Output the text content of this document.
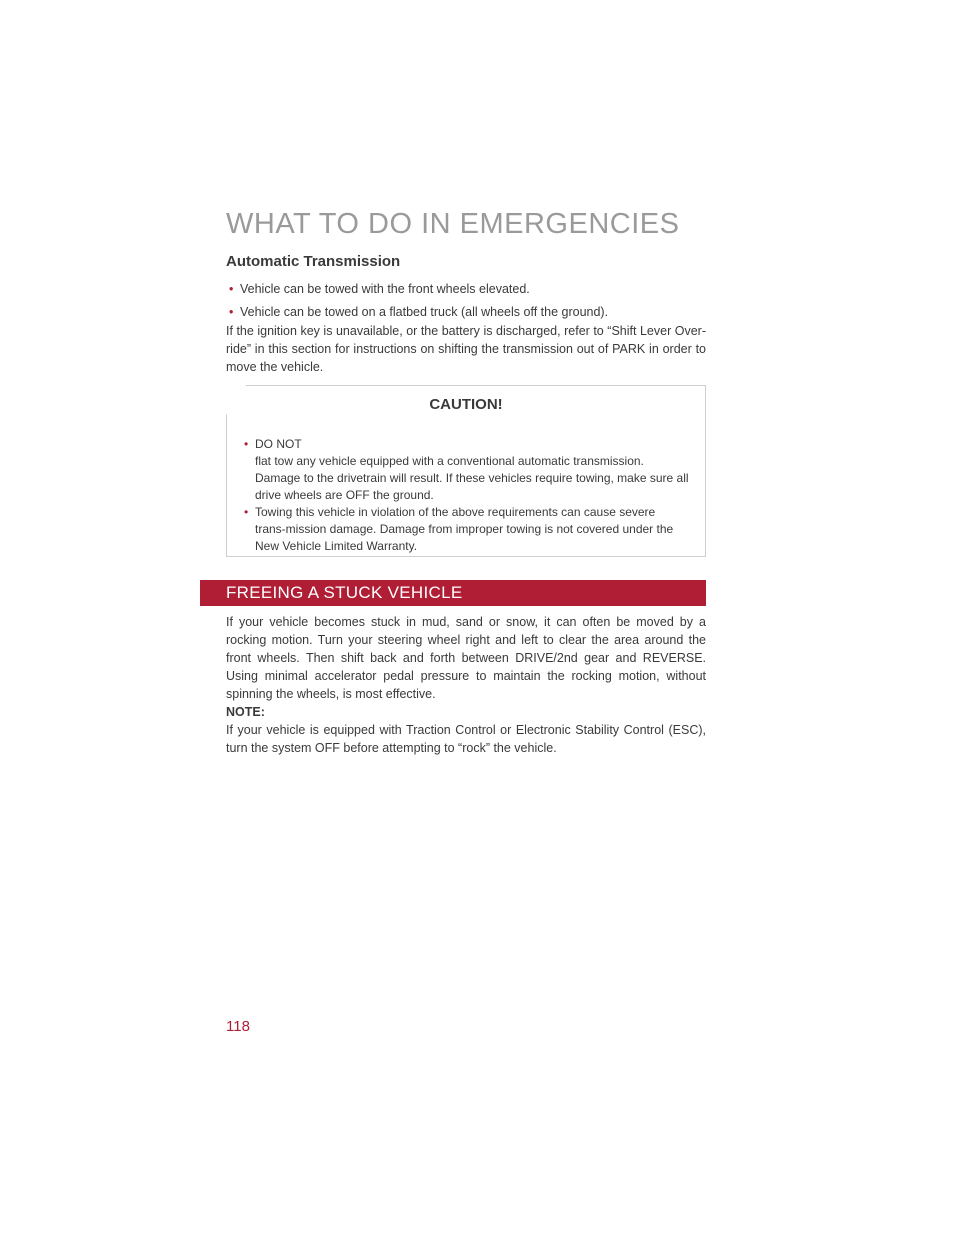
WHAT TO DO IN EMERGENCIES
Automatic Transmission
• Vehicle can be towed with the front wheels elevated.
• Vehicle can be towed on a flatbed truck (all wheels off the ground).

If the ignition key is unavailable, or the battery is discharged, refer to “Shift Lever Over-ride” in this section for instructions on shifting the transmission out of PARK in order to move the vehicle.

CAUTION!
• DO NOT
flat tow any vehicle equipped with a conventional automatic transmission. Damage to the drivetrain will result. If these vehicles require towing, make sure all drive wheels are OFF the ground.
• Towing this vehicle in violation of the above requirements can cause severe trans-mission damage. Damage from improper towing is not covered under the New Vehicle Limited Warranty.
FREEING A STUCK VEHICLE

If your vehicle becomes stuck in mud, sand or snow, it can often be moved by a rocking motion. Turn your steering wheel right and left to clear the area around the front wheels. Then shift back and forth between DRIVE/2nd gear and REVERSE. Using minimal accelerator pedal pressure to maintain the rocking motion, without spinning the wheels, is most effective.

NOTE:

If your vehicle is equipped with Traction Control or Electronic Stability Control (ESC), turn the system OFF before attempting to “rock” the vehicle.

118
